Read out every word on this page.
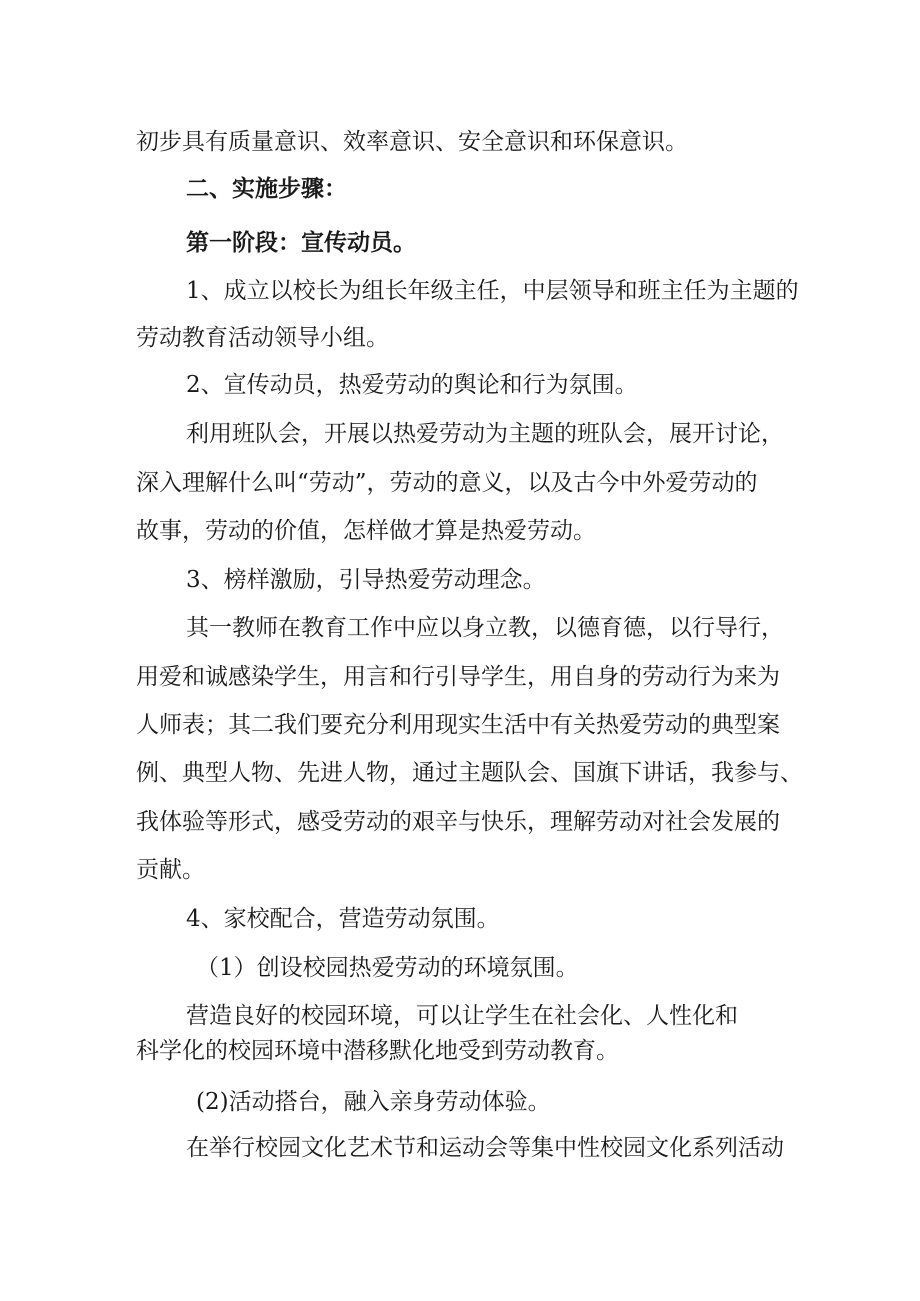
初步具有质量意识、效率意识、安全意识和环保意识。
二、实施步骤：
第一阶段：宣传动员。
1、成立以校长为组长年级主任，中层领导和班主任为主题的
劳动教育活动领导小组。
2、宣传动员，热爱劳动的舆论和行为氛围。
利用班队会，开展以热爱劳动为主题的班队会，展开讨论，
深入理解什么叫“劳动”，劳动的意义，以及古今中外爱劳动的
故事，劳动的价值，怎样做才算是热爱劳动。
3、榜样激励，引导热爱劳动理念。
其一教师在教育工作中应以身立教，以德育德，以行导行，
用爱和诚感染学生，用言和行引导学生，用自身的劳动行为来为
人师表；其二我们要充分利用现实生活中有关热爱劳动的典型案
例、典型人物、先进人物，通过主题队会、国旗下讲话，我参与、
我体验等形式，感受劳动的艰辛与快乐，理解劳动对社会发展的
贡献。
4、家校配合，营造劳动氛围。
（1）创设校园热爱劳动的环境氛围。
营造良好的校园环境，可以让学生在社会化、人性化和
科学化的校园环境中潜移默化地受到劳动教育。
(2)活动搭台，融入亲身劳动体验。
在举行校园文化艺术节和运动会等集中性校园文化系列活动
